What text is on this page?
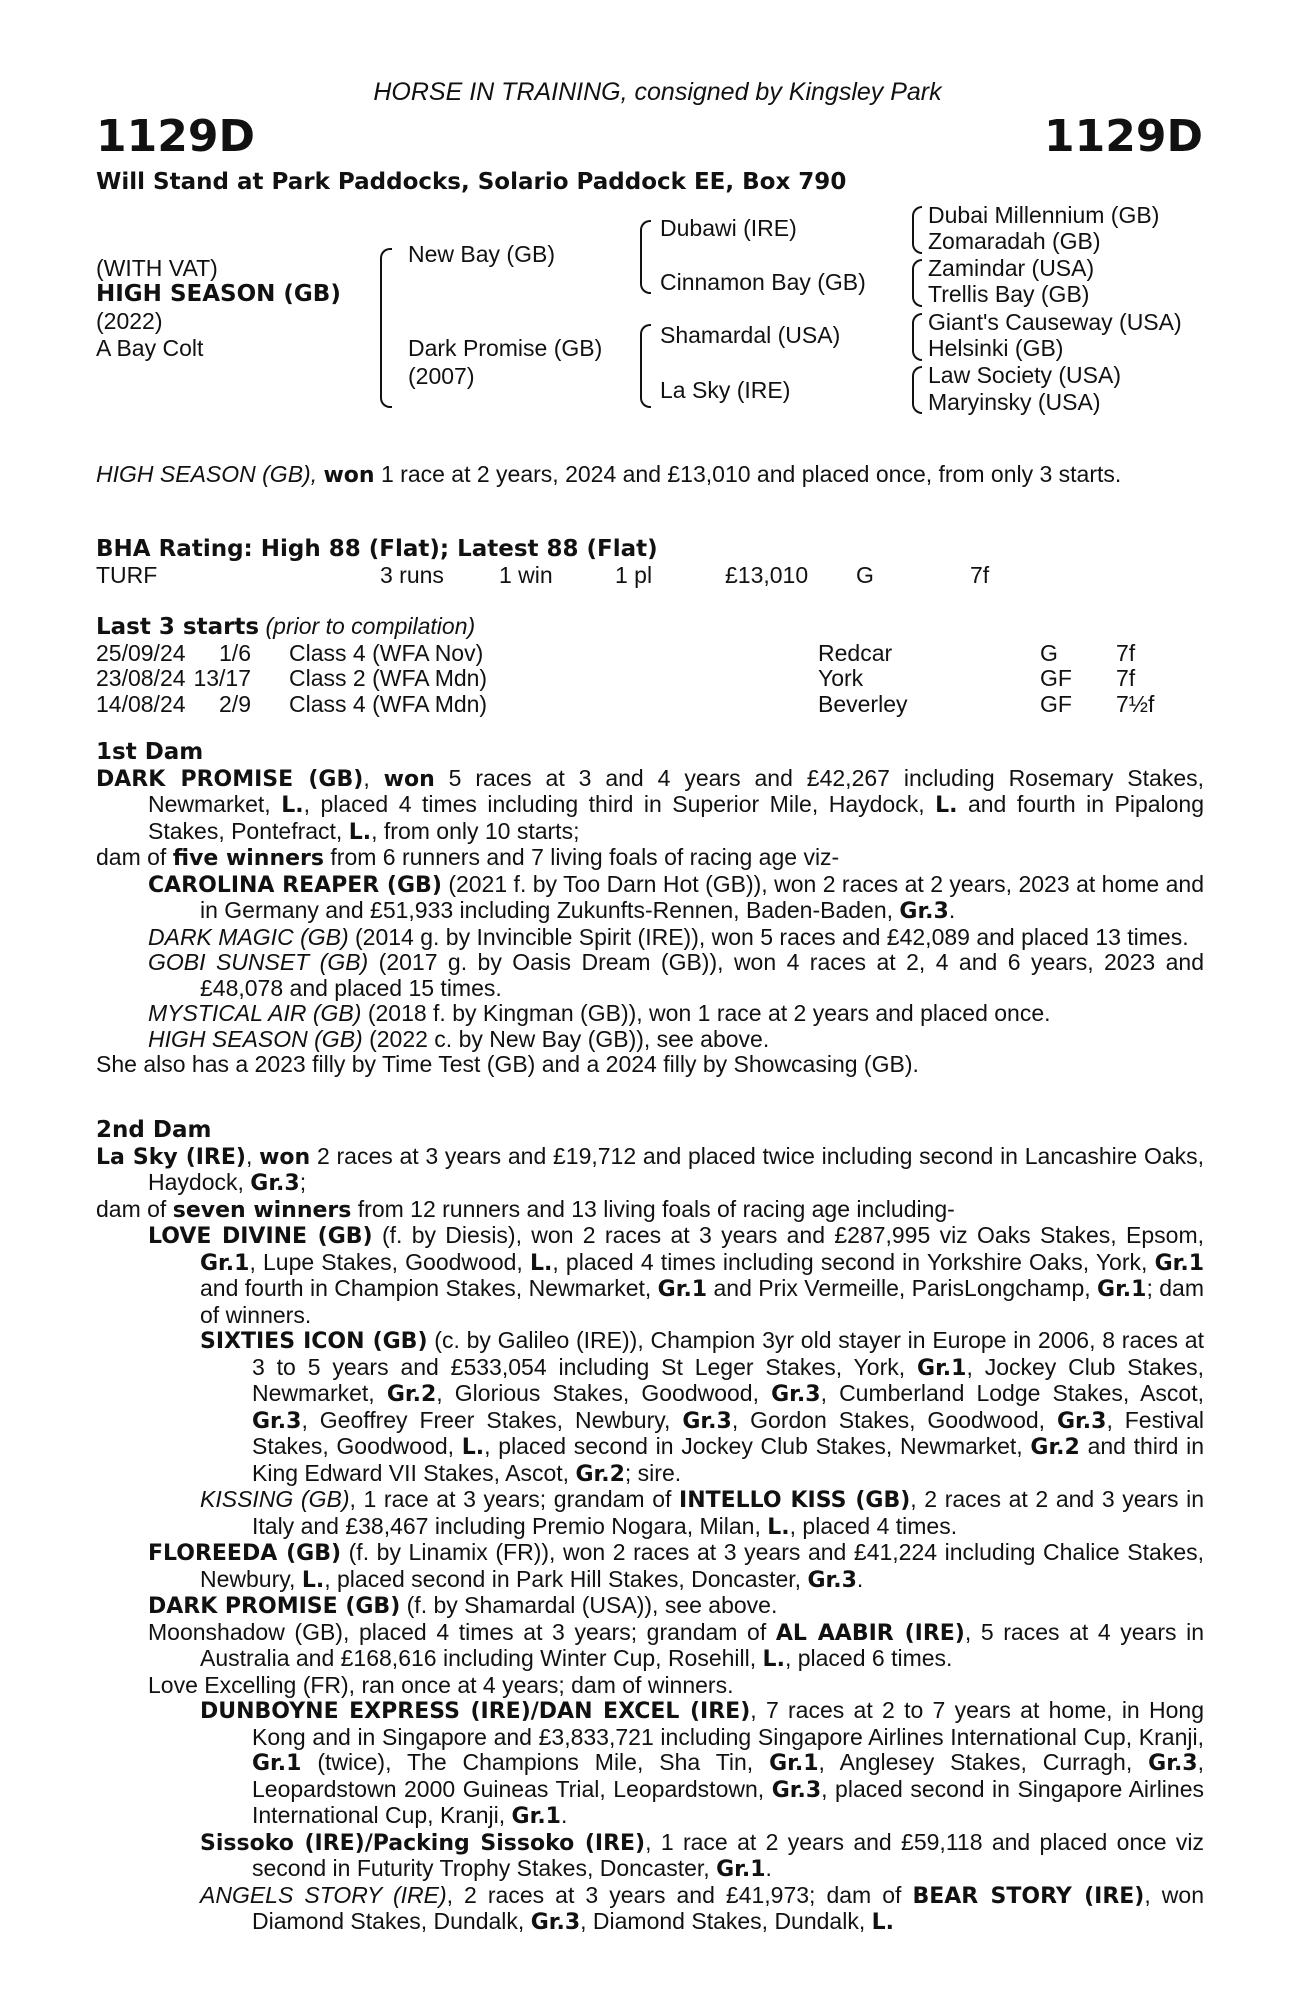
HORSE IN TRAINING, consigned by Kingsley Park
1129D	1129D
Will Stand at Park Paddocks, Solario Paddock EE, Box 790
(WITH VAT)
HIGH SEASON (GB)
(2022)
A Bay Colt
New Bay (GB)
Dark Promise (GB)
(2007)
Dubawi (IRE)
Cinnamon Bay (GB)
Shamardal (USA)
La Sky (IRE)
Dubai Millennium (GB)
Zomaradah (GB)
Zamindar (USA)
Trellis Bay (GB)
Giant's Causeway (USA)
Helsinki (GB)
Law Society (USA)
Maryinsky (USA)

HIGH SEASON (GB), won 1 race at 2 years, 2024 and £13,010 and placed once, from only 3 starts.

BHA Rating: High 88 (Flat); Latest 88 (Flat)
TURF	3 runs 1 win	1 pl	£13,010 G	7f
Last 3 starts (prior to compilation)
25/09/24	1/6 Class 4 (WFA Nov)	Redcar	G	7f
23/08/24 13/17 Class 2 (WFA Mdn)	York	GF 7f
14/08/24	2/9 Class 4 (WFA Mdn)	Beverley	GF 7½f
1st Dam

DARK PROMISE (GB), won 5 races at 3 and 4 years and £42,267 including Rosemary Stakes, Newmarket, L., placed 4 times including third in Superior Mile, Haydock, L. and fourth in Pipalong Stakes, Pontefract, L., from only 10 starts;

dam of five winners from 6 runners and 7 living foals of racing age viz-

CAROLINA REAPER (GB) (2021 f. by Too Darn Hot (GB)), won 2 races at 2 years, 2023 at home and in Germany and £51,933 including Zukunfts-Rennen, Baden-Baden, Gr.3.

DARK MAGIC (GB) (2014 g. by Invincible Spirit (IRE)), won 5 races and £42,089 and placed 13 times.

GOBI SUNSET (GB) (2017 g. by Oasis Dream (GB)), won 4 races at 2, 4 and 6 years, 2023 and £48,078 and placed 15 times.

MYSTICAL AIR (GB) (2018 f. by Kingman (GB)), won 1 race at 2 years and placed once.

HIGH SEASON (GB) (2022 c. by New Bay (GB)), see above.

She also has a 2023 filly by Time Test (GB) and a 2024 filly by Showcasing (GB).

2nd Dam

La Sky (IRE), won 2 races at 3 years and £19,712 and placed twice including second in Lancashire Oaks, Haydock, Gr.3;

dam of seven winners from 12 runners and 13 living foals of racing age including-

LOVE DIVINE (GB) (f. by Diesis), won 2 races at 3 years and £287,995 viz Oaks Stakes, Epsom, Gr.1, Lupe Stakes, Goodwood, L., placed 4 times including second in Yorkshire Oaks, York, Gr.1 and fourth in Champion Stakes, Newmarket, Gr.1 and Prix Vermeille, ParisLongchamp, Gr.1; dam of winners.

SIXTIES ICON (GB) (c. by Galileo (IRE)), Champion 3yr old stayer in Europe in 2006, 8 races at 3 to 5 years and £533,054 including St Leger Stakes, York, Gr.1, Jockey Club Stakes, Newmarket, Gr.2, Glorious Stakes, Goodwood, Gr.3, Cumberland Lodge Stakes, Ascot, Gr.3, Geoffrey Freer Stakes, Newbury, Gr.3, Gordon Stakes, Goodwood, Gr.3, Festival Stakes, Goodwood, L., placed second in Jockey Club Stakes, Newmarket, Gr.2 and third in King Edward VII Stakes, Ascot, Gr.2; sire.

KISSING (GB), 1 race at 3 years; grandam of INTELLO KISS (GB), 2 races at 2 and 3 years in Italy and £38,467 including Premio Nogara, Milan, L., placed 4 times.

FLOREEDA (GB) (f. by Linamix (FR)), won 2 races at 3 years and £41,224 including Chalice Stakes, Newbury, L., placed second in Park Hill Stakes, Doncaster, Gr.3.

DARK PROMISE (GB) (f. by Shamardal (USA)), see above.

Moonshadow (GB), placed 4 times at 3 years; grandam of AL AABIR (IRE), 5 races at 4 years in Australia and £168,616 including Winter Cup, Rosehill, L., placed 6 times.

Love Excelling (FR), ran once at 4 years; dam of winners.

DUNBOYNE EXPRESS (IRE)/DAN EXCEL (IRE), 7 races at 2 to 7 years at home, in Hong Kong and in Singapore and £3,833,721 including Singapore Airlines International Cup, Kranji, Gr.1 (twice), The Champions Mile, Sha Tin, Gr.1, Anglesey Stakes, Curragh, Gr.3, Leopardstown 2000 Guineas Trial, Leopardstown, Gr.3, placed second in Singapore Airlines International Cup, Kranji, Gr.1.

Sissoko (IRE)/Packing Sissoko (IRE), 1 race at 2 years and £59,118 and placed once viz second in Futurity Trophy Stakes, Doncaster, Gr.1.

ANGELS STORY (IRE), 2 races at 3 years and £41,973; dam of BEAR STORY (IRE), won Diamond Stakes, Dundalk, Gr.3, Diamond Stakes, Dundalk, L.
